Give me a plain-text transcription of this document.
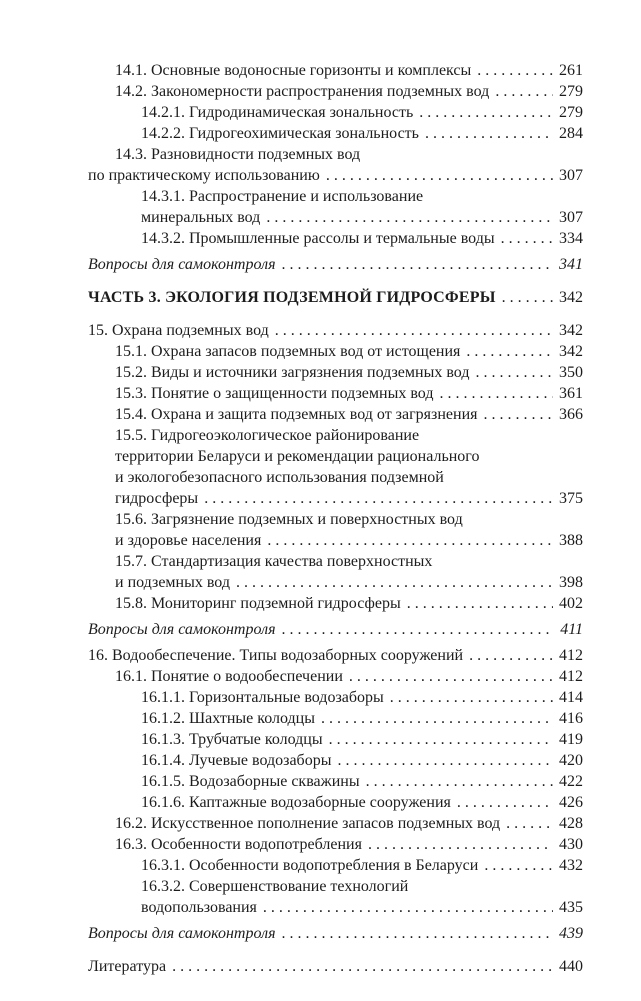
14.1. Основные водоносные горизонты и комплексы . . .	261
14.2. Закономерности распространения подземных вод . . .	279
14.2.1. Гидродинамическая зональность . . .	279
14.2.2. Гидрогеохимическая зональность . . .	284
14.3. Разновидности подземных вод
по практическому использованию . . .	307
14.3.1. Распространение и использование
минеральных вод . . .	307
14.3.2. Промышленные рассолы и термальные воды . . .	334
Вопросы для самоконтроля . . .	341
ЧАСТЬ 3. ЭКОЛОГИЯ ПОДЗЕМНОЙ ГИДРОСФЕРЫ . . .	342
15. Охрана подземных вод . . .	342
15.1. Охрана запасов подземных вод от истощения . . .	342
15.2. Виды и источники загрязнения подземных вод . . .	350
15.3. Понятие о защищенности подземных вод . . .	361
15.4. Охрана и защита подземных вод от загрязнения . . .	366
15.5. Гидрогеоэкологическое районирование
территории Беларуси и рекомендации рационального
и экологобезопасного использования подземной
гидросферы . . .	375
15.6. Загрязнение подземных и поверхностных вод
и здоровье населения . . .	388
15.7. Стандартизация качества поверхностных
и подземных вод . . .	398
15.8. Мониторинг подземной гидросферы . . .	402
Вопросы для самоконтроля . . .	411
16. Водообеспечение. Типы водозаборных сооружений . . .	412
16.1. Понятие о водообеспечении . . .	412
16.1.1. Горизонтальные водозаборы . . .	414
16.1.2. Шахтные колодцы . . .	416
16.1.3. Трубчатые колодцы . . .	419
16.1.4. Лучевые водозаборы . . .	420
16.1.5. Водозаборные скважины . . .	422
16.1.6. Каптажные водозаборные сооружения . . .	426
16.2. Искусственное пополнение запасов подземных вод . . .	428
16.3. Особенности водопотребления . . .	430
16.3.1. Особенности водопотребления в Беларуси . . .	432
16.3.2. Совершенствование технологий
водопользования . . .	435
Вопросы для самоконтроля . . .	439
Литература . . .	440
